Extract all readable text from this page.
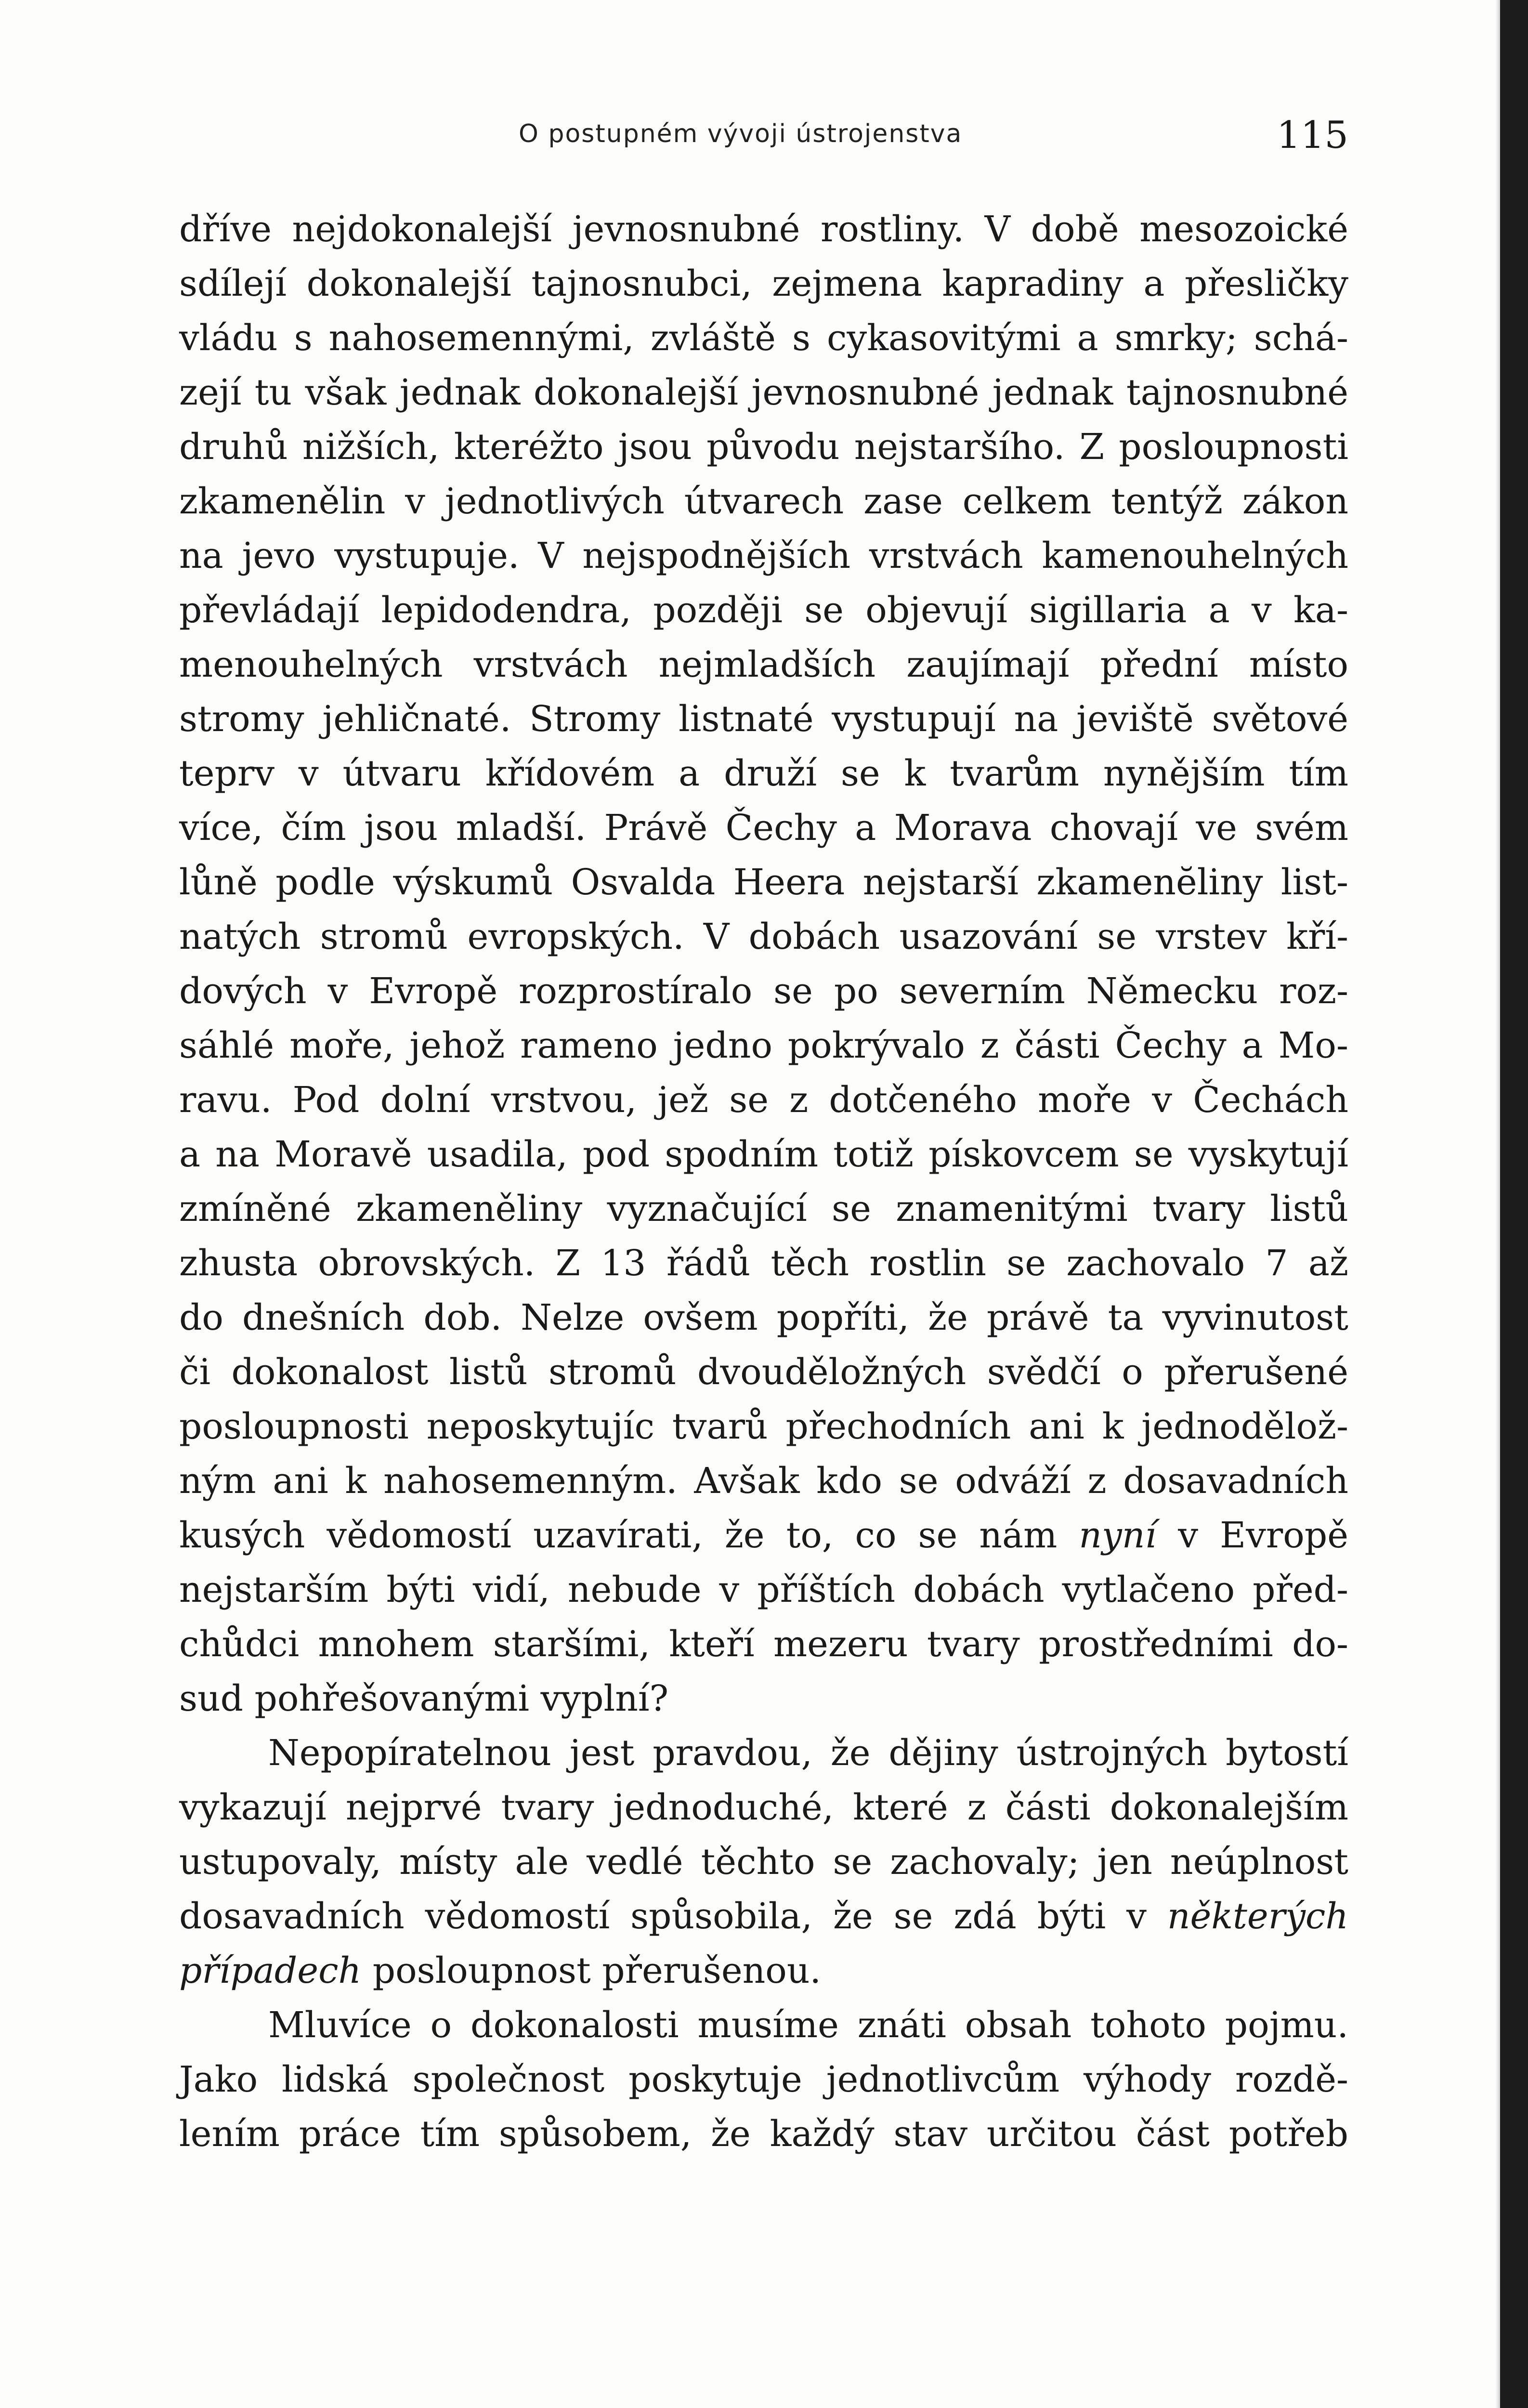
O postupném vývoji ústrojenstva	115
dříve nejdokonalejší jevnosnubné rostliny. V době mesozoické
sdílejí dokonalejší tajnosnubci, zejmena kapradiny a přesličky
vládu s nahosemennými, zvláště s cykasovitými a smrky; schá-
zejí tu však jednak dokonalejší jevnosnubné jednak tajnosnubné
druhů nižších, kteréžto jsou původu nejstaršího. Z posloupnosti
zkamenělin v jednotlivých útvarech zase celkem tentýž zákon
na jevo vystupuje. V nejspodnějších vrstvách kamenouhelných
převládají lepidodendra, později se objevují sigillaria a v ka-
menouhelných vrstvách nejmladších zaujímají přední místo
stromy jehličnaté. Stromy listnaté vystupují na jevištĕ světové
teprv v útvaru křídovém a druží se k tvarům nynějším tím
více, čím jsou mladší. Právě Čechy a Morava chovají ve svém
lůně podle výskumů Osvalda Heera nejstarší zkamenĕliny list-
natých stromů evropských. V dobách usazování se vrstev kří-
dových v Evropě rozprostíralo se po severním Německu roz-
sáhlé moře, jehož rameno jedno pokrývalo z části Čechy a Mo-
ravu. Pod dolní vrstvou, jež se z dotčeného moře v Čechách
a na Moravě usadila, pod spodním totiž pískovcem se vyskytují
zmíněné zkameněliny vyznačující se znamenitými tvary listů
zhusta obrovských. Z 13 řádů těch rostlin se zachovalo 7 až
do dnešních dob. Nelze ovšem popříti, že právě ta vyvinutost
či dokonalost listů stromů dvouděložných svědčí o přerušené
posloupnosti neposkytujíc tvarů přechodních ani k jednodělož-
ným ani k nahosemenným. Avšak kdo se odváží z dosavadních
kusých vědomostí uzavírati, že to, co se nám nyní v Evropě
nejstarším býti vidí, nebude v příštích dobách vytlačeno před-
chůdci mnohem staršími, kteří mezeru tvary prostředními do-
sud pohřešovanými vyplní?
Nepopíratelnou jest pravdou, že dějiny ústrojných bytostí
vykazují nejprvé tvary jednoduché, které z části dokonalejším
ustupovaly, místy ale vedlé těchto se zachovaly; jen neúplnost
dosavadních vědomostí spůsobila, že se zdá býti v některých
případech posloupnost přerušenou.
Mluvíce o dokonalosti musíme znáti obsah tohoto pojmu.
Jako lidská společnost poskytuje jednotlivcům výhody rozdě-
lením práce tím spůsobem, že každý stav určitou část potřeb
